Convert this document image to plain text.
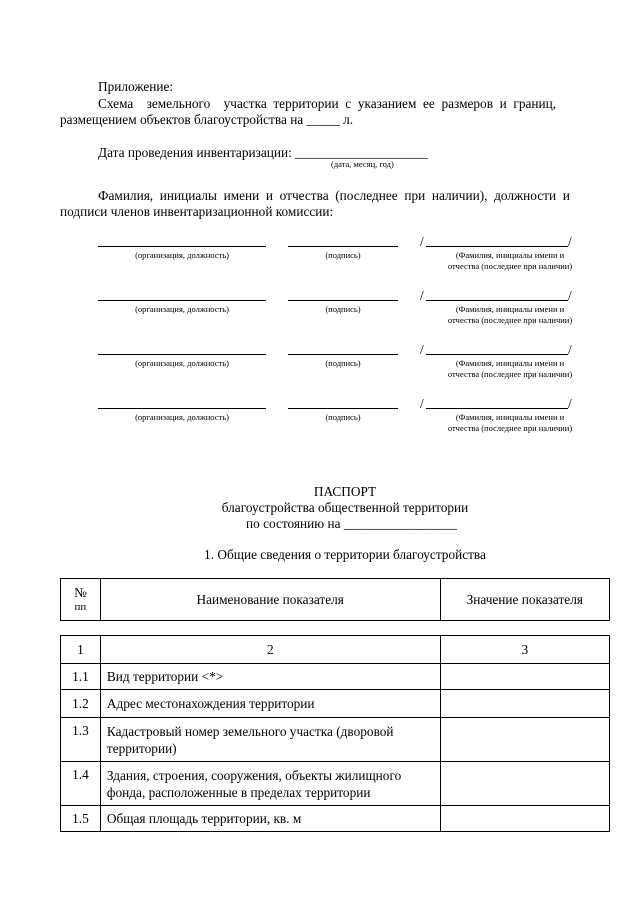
Приложение:
Схема    земельного    участка  территории  с  указанием  ее  размеров  и  границ,
размещением объектов благоустройства на _____ л.
Дата проведения инвентаризации: ____________________
(дата, месяц, год)
Фамилия,  инициалы  имени  и  отчества  (последнее  при  наличии),  должности  и
подписи членов инвентаризационной комиссии:
/	/
(организация, должность)	(подпись)	(Фамилия, инициалы имени и
отчества (последнее при наличии)
/	/
(организация, должность)	(подпись)	(Фамилия, инициалы имени и
отчества (последнее при наличии)
/	/
(организация, должность)	(подпись)	(Фамилия, инициалы имени и
отчества (последнее при наличии)
/	/
(организация, должность)	(подпись)	(Фамилия, инициалы имени и
отчества (последнее при наличии)
ПАСПОРТ
благоустройства общественной территории
по состоянию на _________________
1. Общие сведения о территории благоустройства
№
пп	Наименование показателя	Значение показателя
1	2	3
1.1	Вид территории <*>	
1.2	Адрес местонахождения территории	
1.3	Кадастровый номер земельного участка (дворовой территории)	
1.4	Здания, строения, сооружения, объекты жилищного фонда, расположенные в пределах территории	
1.5	Общая площадь территории, кв. м	
